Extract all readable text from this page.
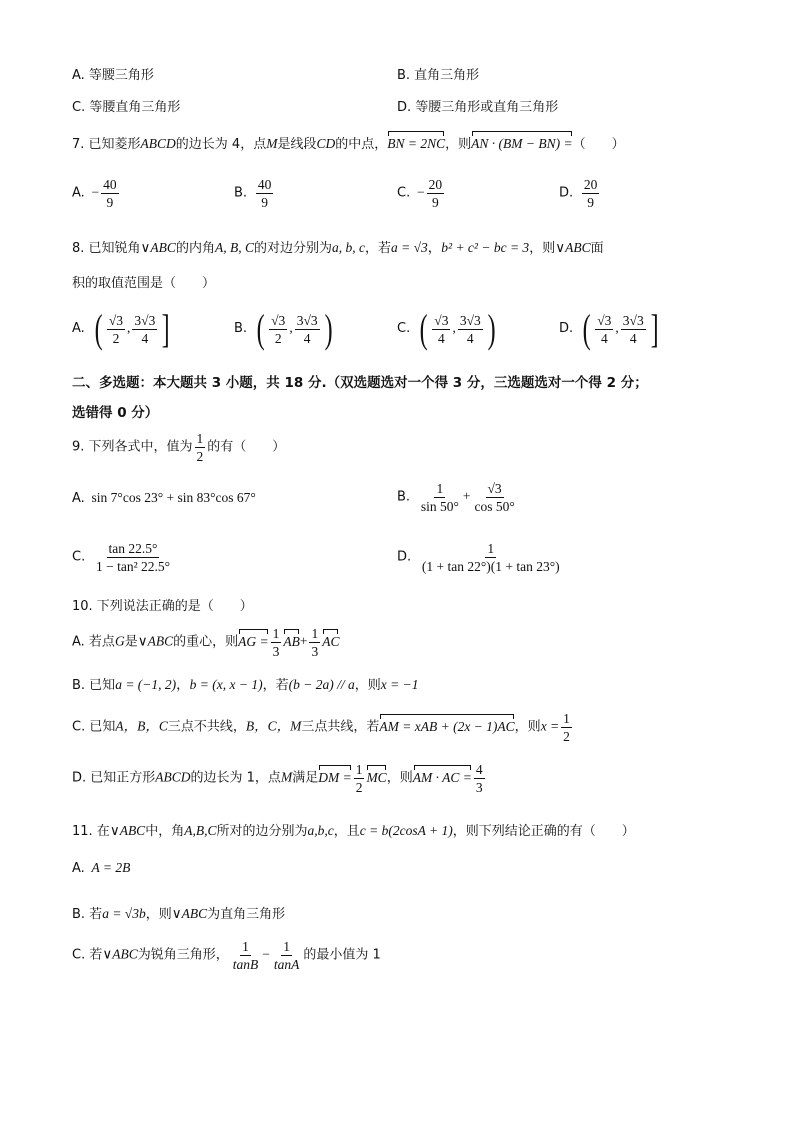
A. 等腰三角形	B. 直角三角形
C. 等腰直角三角形	D. 等腰三角形或直角三角形
7. 已知菱形ABCD的边长为 4，点M是线段CD的中点，BN = 2NC，则AN · (BM − BN) =（　　）
A. − $\frac{40}{9}$	B. $\frac{40}{9}$	C. − $\frac{20}{9}$	D. $\frac{20}{9}$
8. 已知锐角∨ABC的内角A, B, C的对边分别为a, b, c，若a = √3，b² + c² − bc = 3，则∨ABC面
积的取值范围是（　　）
A. ( $\frac{√3}{2}$ , $\frac{3√3}{4}$ ]	B. ( $\frac{√3}{2}$ , $\frac{3√3}{4}$ )	C. ( $\frac{√3}{4}$ , $\frac{3√3}{4}$ )	D. ( $\frac{√3}{4}$ , $\frac{3√3}{4}$ ]
二、多选题：本大题共 3 小题，共 18 分.（双选题选对一个得 3 分，三选题选对一个得 2 分；
选错得 0 分）
9. 下列各式中，值为 $\frac{1}{2}$ 的有（　　）
A. sin 7°cos 23° + sin 83°cos 67°	B. $\frac{1}{\sin 50^\circ} + \frac{√3}{\cos 50^\circ}$
C. $\frac{\tan 22.5^\circ}{\text{1 − tan² 22.5°}}$	D. $\frac{1}{(1 + \tan 22^\circ)(1 + \tan 23^\circ)}$
10. 下列说法正确的是（　　）
A. 若点G是∨ABC的重心，则AG = $\frac{1}{3} AB+ \frac{1}{3}$ AC
B. 已知a = (−1, 2)，b = (x, x − 1)，若(b − 2a) // a，则x = −1
C. 已知A，B，C三点不共线，B，C，M三点共线，若AM = xAB + (2x − 1)AC，则$x = \frac{1}{2}$
D. 已知正方形ABCD的边长为 1，点M满足DM = $\frac{1}{2}$ MC，则AM · AC = $\frac{4}{3}$
11. 在∨ABC中，角A,B,C所对的边分别为a,b,c，且c = b(2cosA + 1)，则下列结论正确的有（　　）
A. A = 2B
B. 若a = √3b，则∨ABC为直角三角形
C. 若∨ABC为锐角三角形， $\frac{1}{\tan B} - \frac{1}{\tan A}$ 的最小值为 1
